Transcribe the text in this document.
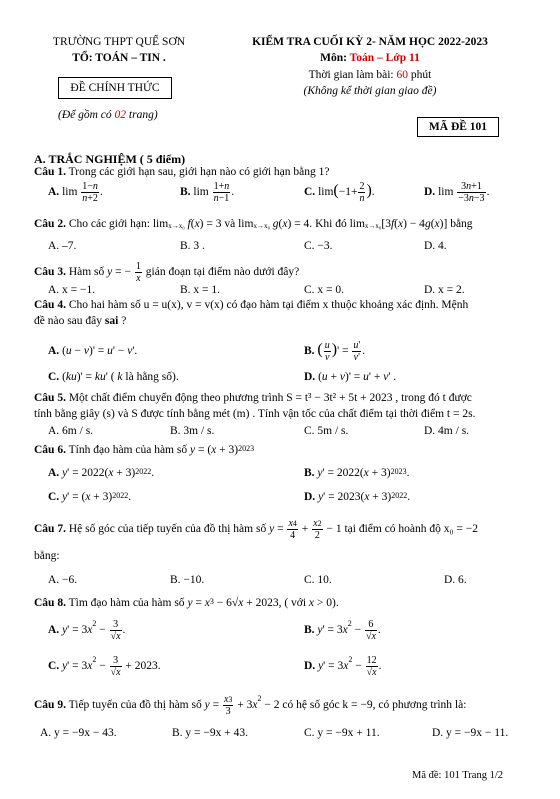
TRƯỜNG THPT QUẾ SƠN
TỔ: TOÁN – TIN .
ĐỀ CHÍNH THỨC
(Để gồm có 02 trang)
KIỂM TRA CUỐI KỲ 2- NĂM HỌC 2022-2023
Môn: Toán – Lớp 11
Thời gian làm bài: 60 phút
(Không kể thời gian giao đề)
MÃ ĐỀ 101
A. TRẮC NGHIỆM ( 5 điểm)
Câu 1. Trong các giới hạn sau, giới hạn nào có giới hạn bằng 1?
A. $\lim \frac{1-n}{n+2}$ .	B. $\lim \frac{1+n}{n-1}$ .	C. $\lim(-1+ \frac{2}{n}$ ).	D. $\lim \frac{3n+1}{-3n-3}$ .
Câu 2. Cho các giới hạn: limx→x₀ f(x) = 3 và limx→x₀ g(x) = 4. Khi đó limx→x₀[3f(x) − 4g(x)] bằng
A. –7.	B. 3 .	C. −3.	D. 4.
Câu 3. Hàm số y = − $\frac{1}{x}$ gián đoạn tại điểm nào dưới đây?
A. x = −1.	B. x = 1.	C. x = 0.	D. x = 2.
Câu 4. Cho hai hàm số u = u(x), v = v(x) có đạo hàm tại điểm x thuộc khoảng xác định. Mệnh
đề nào sau đây sai ?
A. (u − v)' = u' − v'.	B. ( $\frac{u}{v}$ )' = $\frac{u'}{v'}$ .
C. (ku)' = ku' ( k là hằng số).	D. (u + v)' = u' + v' .
Câu 5. Một chất điểm chuyển động theo phương trình S = t³ − 3t² + 5t + 2023 , trong đó t được
tính bằng giây (s) và S được tính bằng mét (m) . Tính vận tốc của chất điểm tại thời điểm t = 2s.
A. 6m / s.	B. 3m / s.	C. 5m / s.	D. 4m / s.
Câu 6. Tính đạo hàm của hàm số $y = (x + 3)^{2023}$
A. $y' = 2022(x + 3)^{2022}$.	B. $y' = 2022(x + 3)^{2023}$.
C. $y' = (x + 3)^{2022}$.	D. $y' = 2023(x + 3)^{2022}$.
Câu 7. Hệ số góc của tiếp tuyến của đồ thị hàm số $y = \frac{x^4}{4} + \frac{x^2}{2} - 1$ tại điểm có hoành độ x₀ = −2
bằng:
A. −6.	B. −10.	C. 10.	D. 6.
Câu 8. Tìm đạo hàm của hàm số $y = x^3 - 6√x + 2023$, ( với x > 0).
A. $y' = 3x^2 - \frac{3}{√x}$ .	B. $y' = 3x^2 - \frac{6}{√x}$ .
C. $y' = 3x^2 - \frac{3}{√x} + 2023$.	D. $y' = 3x^2 - \frac{12}{√x}$ .
Câu 9. Tiếp tuyến của đồ thị hàm số $y = \frac{x^3}{3} + 3x^2 - 2$ có hệ số góc k = −9, có phương trình là:
A. y = −9x − 43.	B. y = −9x + 43.	C. y = −9x + 11.	D. y = −9x − 11.
Mã đề: 101 Trang 1/2
